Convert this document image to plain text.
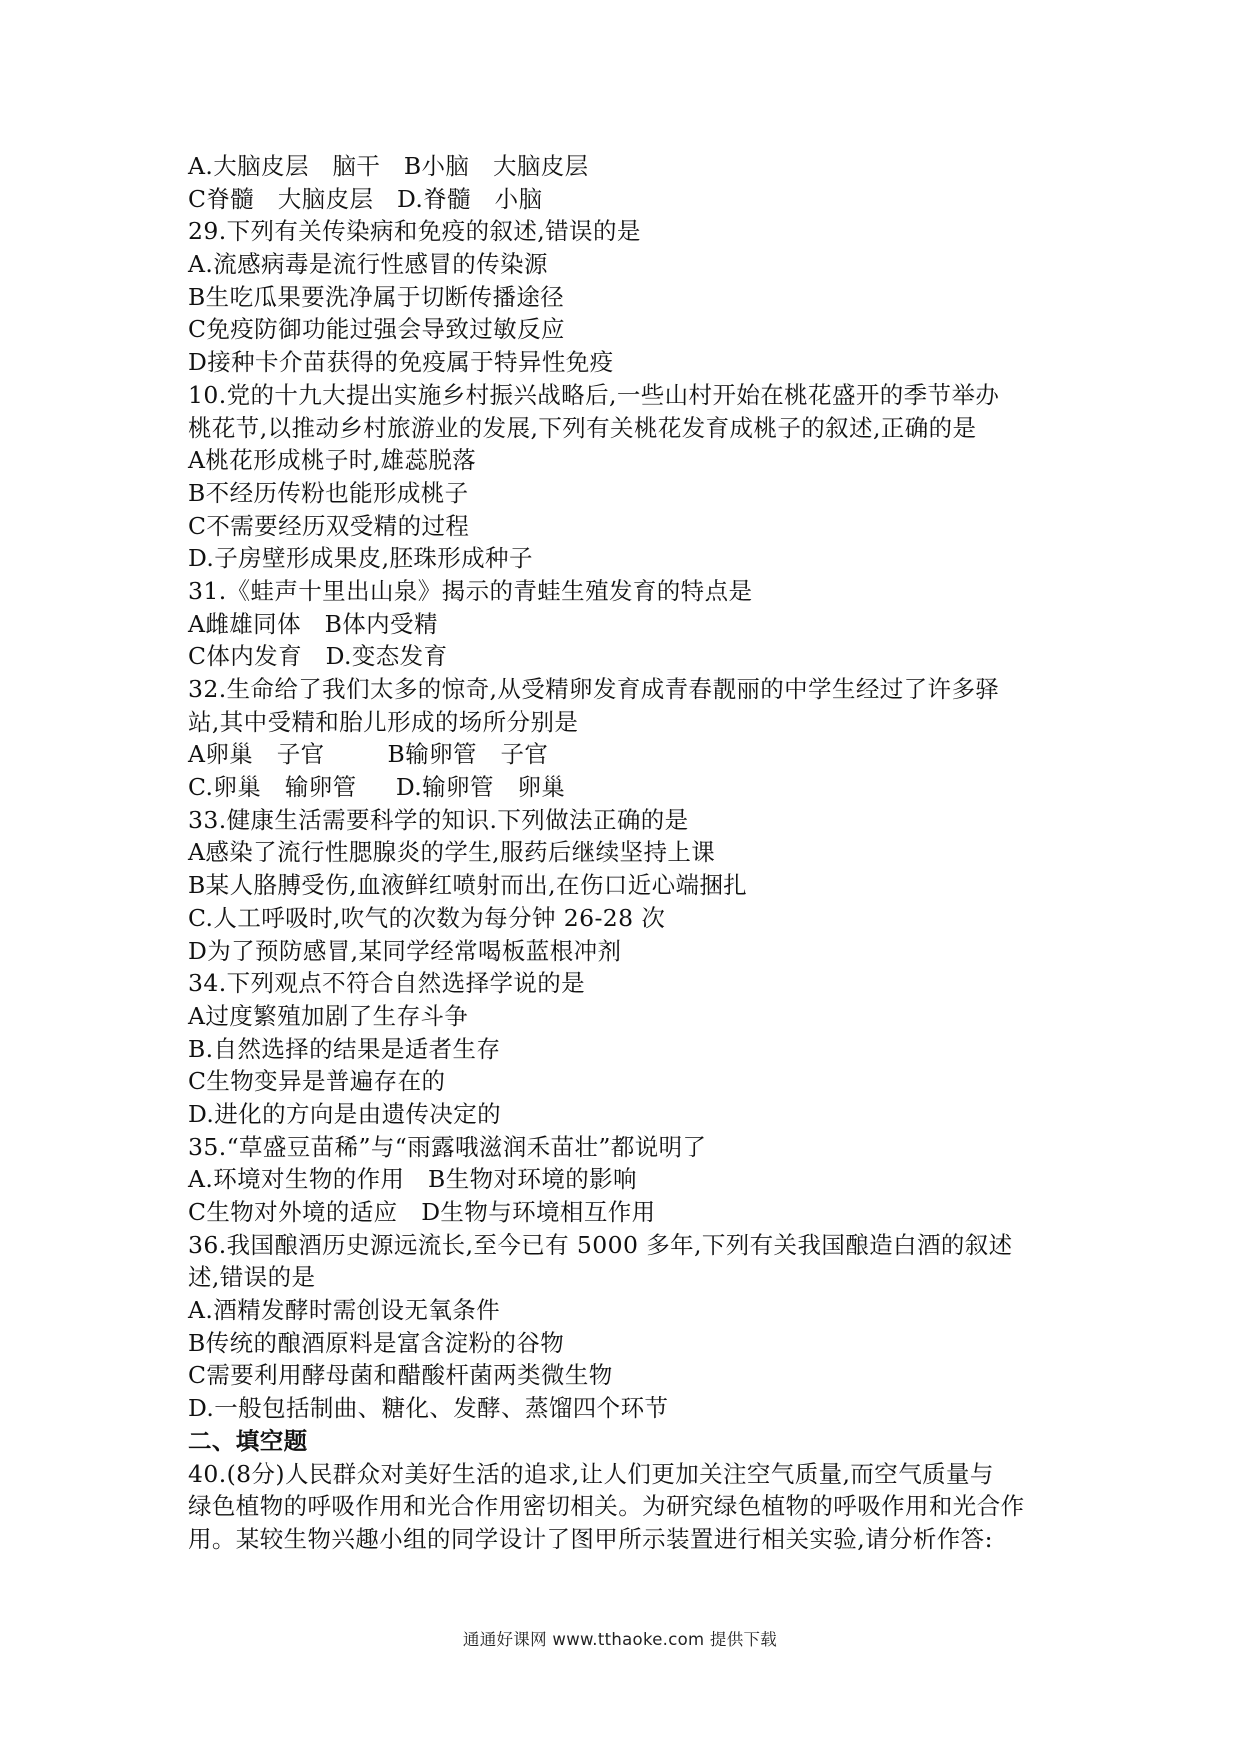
A.大脑皮层   脑干   B小脑   大脑皮层
C脊髓   大脑皮层   D.脊髓   小脑
29.下列有关传染病和免疫的叙述,错误的是
A.流感病毒是流行性感冒的传染源
B生吃瓜果要洗净属于切断传播途径
C免疫防御功能过强会导致过敏反应
D接种卡介苗获得的免疫属于特异性免疫
10.党的十九大提出实施乡村振兴战略后,一些山村开始在桃花盛开的季节举办
桃花节,以推动乡村旅游业的发展,下列有关桃花发育成桃子的叙述,正确的是
A桃花形成桃子时,雄蕊脱落
B不经历传粉也能形成桃子
C不需要经历双受精的过程
D.子房壁形成果皮,胚珠形成种子
31.《蛙声十里出山泉》揭示的青蛙生殖发育的特点是
A雌雄同体   B体内受精
C体内发育   D.变态发育
32.生命给了我们太多的惊奇,从受精卵发育成青春靓丽的中学生经过了许多驿
站,其中受精和胎儿形成的场所分别是
A卵巢   子官        B输卵管   子官
C.卵巢   输卵管     D.输卵管   卵巢
33.健康生活需要科学的知识.下列做法正确的是
A感染了流行性腮腺炎的学生,服药后继续坚持上课
B某人胳膊受伤,血液鲜红喷射而出,在伤口近心端捆扎
C.人工呼吸时,吹气的次数为每分钟 26-28 次
D为了预防感冒,某同学经常喝板蓝根冲剂
34.下列观点不符合自然选择学说的是
A过度繁殖加剧了生存斗争
B.自然选择的结果是适者生存
C生物变异是普遍存在的
D.进化的方向是由遗传决定的
35.“草盛豆苗稀”与“雨露哦滋润禾苗壮”都说明了
A.环境对生物的作用   B生物对环境的影响
C生物对外境的适应   D生物与环境相互作用
36.我国酿酒历史源远流长,至今已有 5000 多年,下列有关我国酿造白酒的叙述
述,错误的是
A.酒精发酵时需创设无氧条件
B传统的酿酒原料是富含淀粉的谷物
C需要利用酵母菌和醋酸杆菌两类微生物
D.一般包括制曲、糖化、发酵、蒸馏四个环节
二、填空题
40.(8分)人民群众对美好生活的追求,让人们更加关注空气质量,而空气质量与
绿色植物的呼吸作用和光合作用密切相关。为研究绿色植物的呼吸作用和光合作
用。某较生物兴趣小组的同学设计了图甲所示装置进行相关实验,请分析作答:
通通好课网 www.tthaoke.com 提供下载
